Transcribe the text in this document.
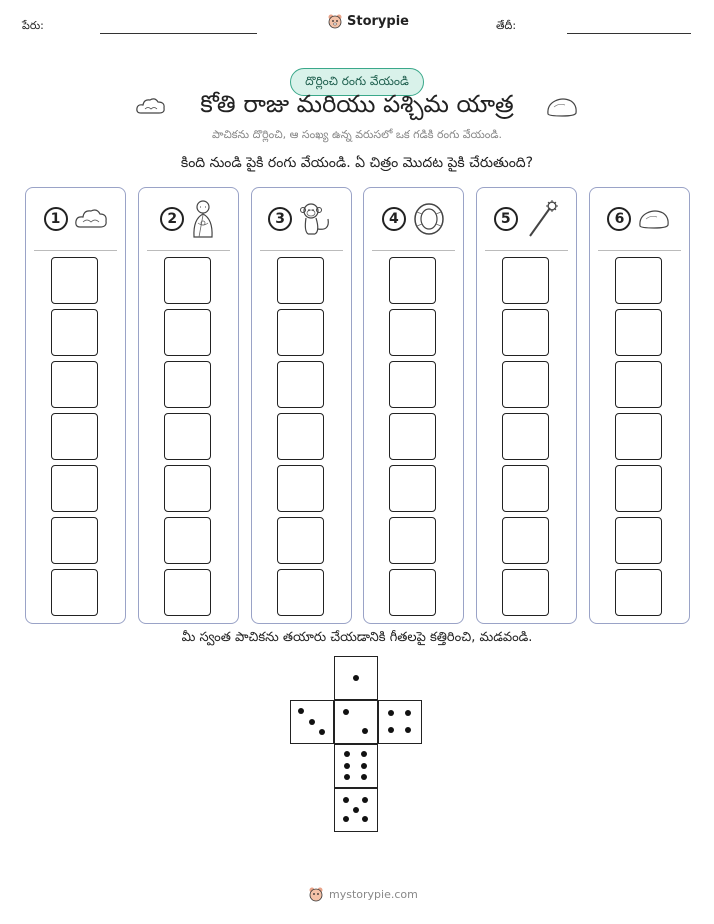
పేరు:	Storypie	తేదీ:
దొర్లించి రంగు వేయండి
కోతి రాజు మరియు పశ్చిమ యాత్ర
పాచికను దొర్లించి, ఆ సంఖ్య ఉన్న వరుసలో ఒక గడికి రంగు వేయండి.
కింది నుండి పైకి రంగు వేయండి. ఏ చిత్రం మొదట పైకి చేరుతుంది?
1	2	3	4	5	6
మీ స్వంత పాచికను తయారు చేయడానికి గీతలపై కత్తిరించి, మడవండి.
mystorypie.com
